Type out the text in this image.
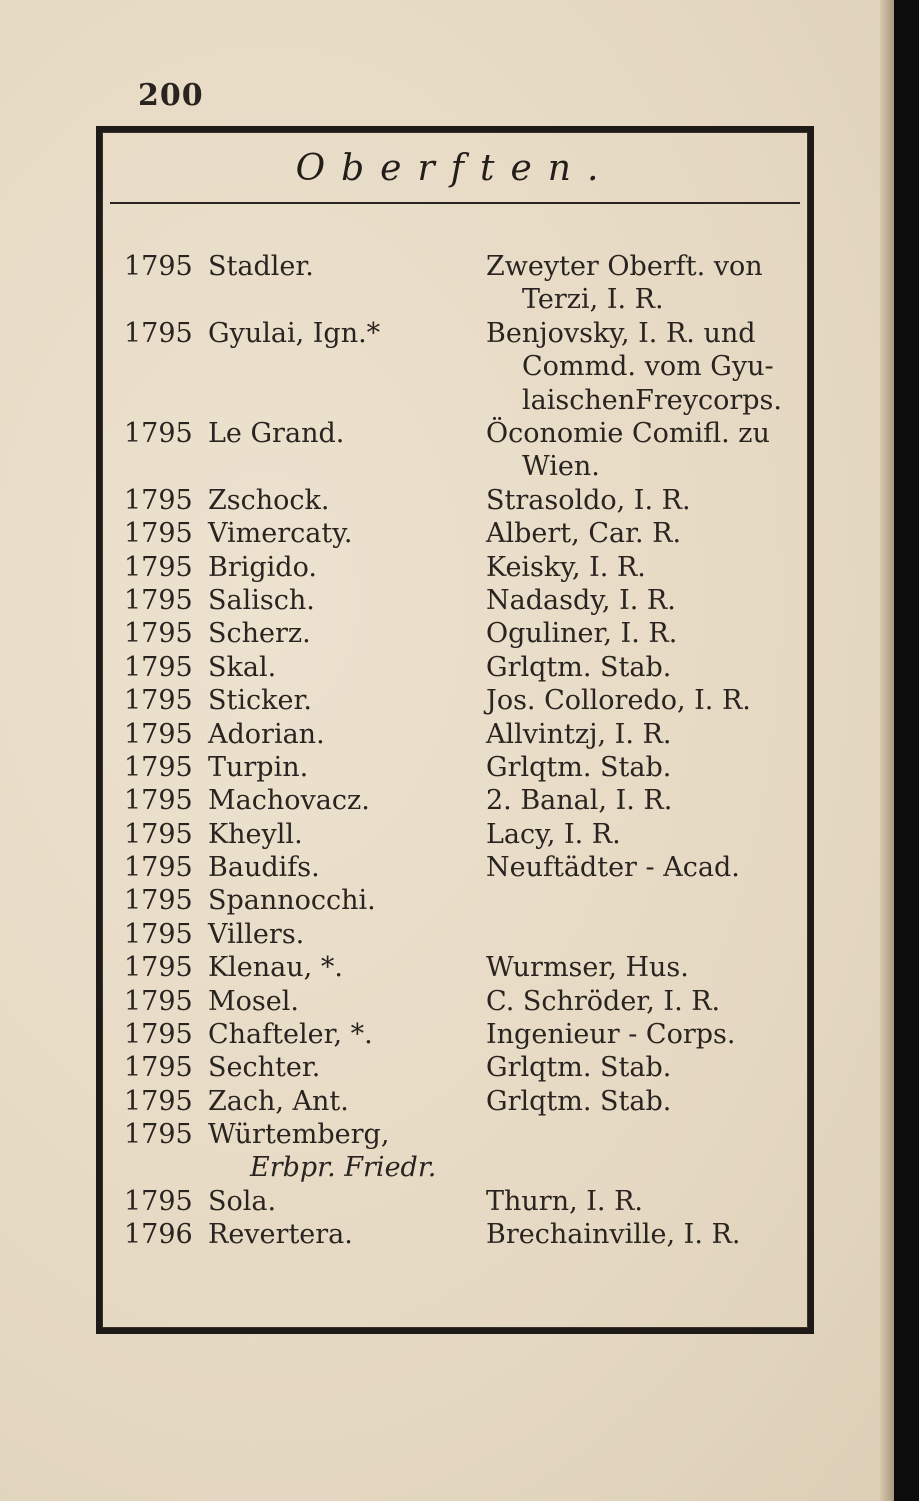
200
Oberften.
1795 Stadler.	Zweyter Oberft. von
Terzi, I. R.
1795 Gyulai, Ign.*	Benjovsky, I. R. und
Commd. vom Gyu-
laischenFreycorps.
1795 Le Grand.	Öconomie Comifl. zu
Wien.
1795 Zschock.	Strasoldo, I. R.
1795 Vimercaty.	Albert, Car. R.
1795 Brigido.	Keisky, I. R.
1795 Salisch.	Nadasdy, I. R.
1795 Scherz.	Oguliner, I. R.
1795 Skal.	Grlqtm. Stab.
1795 Sticker.	Jos. Colloredo, I. R.
1795 Adorian.	Allvintzj, I. R.
1795 Turpin.	Grlqtm. Stab.
1795 Machovacz.	2. Banal, I. R.
1795 Kheyll.	Lacy, I. R.
1795 Baudifs.	Neuftädter - Acad.
1795 Spannocchi.
1795 Villers.
1795 Klenau, *.	Wurmser, Hus.
1795 Mosel.	C. Schröder, I. R.
1795 Chafteler, *.	Ingenieur - Corps.
1795 Sechter.	Grlqtm. Stab.
1795 Zach, Ant.	Grlqtm. Stab.
1795 Würtemberg,
Erbpr. Friedr.
1795 Sola.	Thurn, I. R.
1796 Revertera.	Brechainville, I. R.
